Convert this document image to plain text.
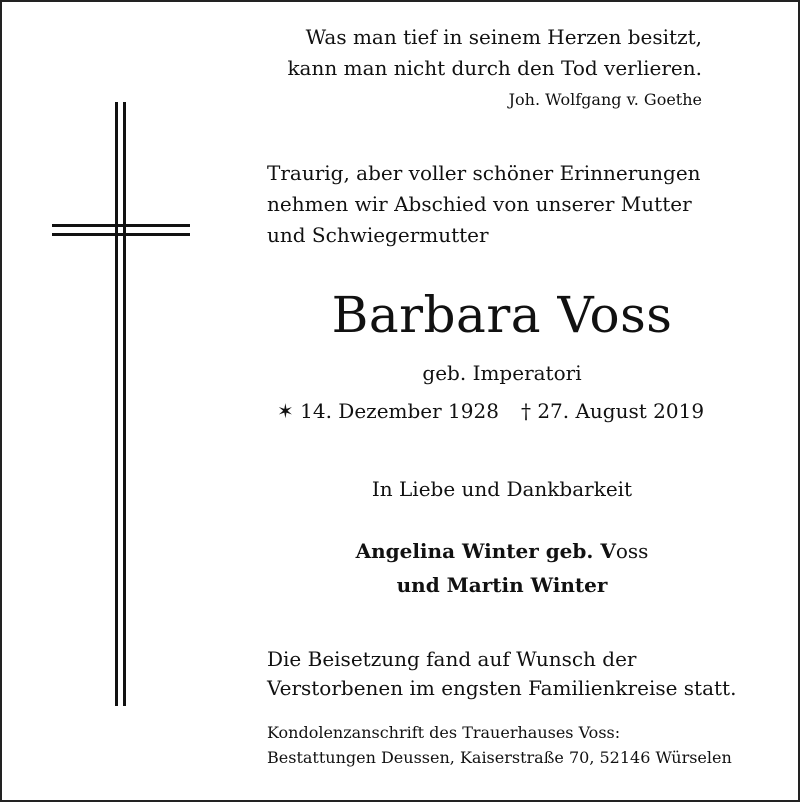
Was man tief in seinem Herzen besitzt,
kann man nicht durch den Tod verlieren.
Joh. Wolfgang v. Goethe
Traurig, aber voller schöner Erinnerungen
nehmen wir Abschied von unserer Mutter
und Schwiegermutter
Barbara Voss
geb. Imperatori
✶ 14. Dezember 1928 † 27. August 2019
In Liebe und Dankbarkeit
Angelina Winter geb. Voss
und Martin Winter
Die Beisetzung fand auf Wunsch der
Verstorbenen im engsten Familienkreise statt.
Kondolenzanschrift des Trauerhauses Voss:
Bestattungen Deussen, Kaiserstraße 70, 52146 Würselen
